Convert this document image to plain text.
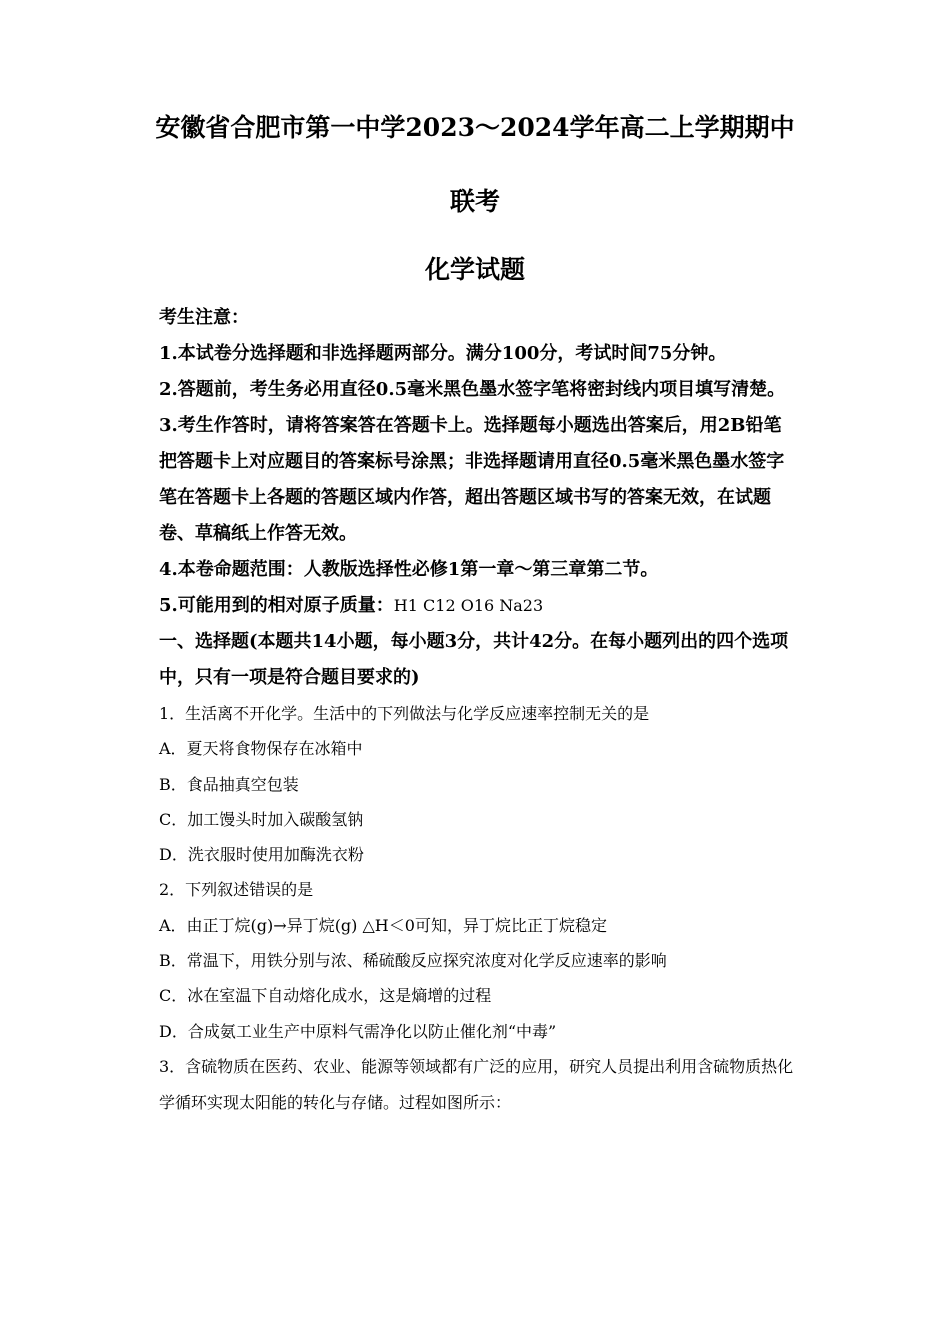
安徽省合肥市第一中学2023～2024学年高二上学期期中
联考
化学试题

考生注意：

1.本试卷分选择题和非选择题两部分。满分100分，考试时间75分钟。

2.答题前，考生务必用直径0.5毫米黑色墨水签字笔将密封线内项目填写清楚。

3.考生作答时，请将答案答在答题卡上。选择题每小题选出答案后，用2B铅笔把答题卡上对应题目的答案标号涂黑；非选择题请用直径0.5毫米黑色墨水签字笔在答题卡上各题的答题区域内作答，超出答题区域书写的答案无效，在试题卷、草稿纸上作答无效。

4.本卷命题范围：人教版选择性必修1第一章～第三章第二节。

5.可能用到的相对原子质量：H1 C12 O16 Na23

一、选择题(本题共14小题，每小题3分，共计42分。在每小题列出的四个选项中，只有一项是符合题目要求的)

1．生活离不开化学。生活中的下列做法与化学反应速率控制无关的是

A．夏天将食物保存在冰箱中

B．食品抽真空包装

C．加工馒头时加入碳酸氢钠

D．洗衣服时使用加酶洗衣粉

2．下列叙述错误的是

A．由正丁烷(g)→异丁烷(g) △H＜0可知，异丁烷比正丁烷稳定

B．常温下，用铁分别与浓、稀硫酸反应探究浓度对化学反应速率的影响

C．冰在室温下自动熔化成水，这是熵增的过程

D．合成氨工业生产中原料气需净化以防止催化剂“中毒”

3．含硫物质在医药、农业、能源等领域都有广泛的应用，研究人员提出利用含硫物质热化学循环实现太阳能的转化与存储。过程如图所示：
